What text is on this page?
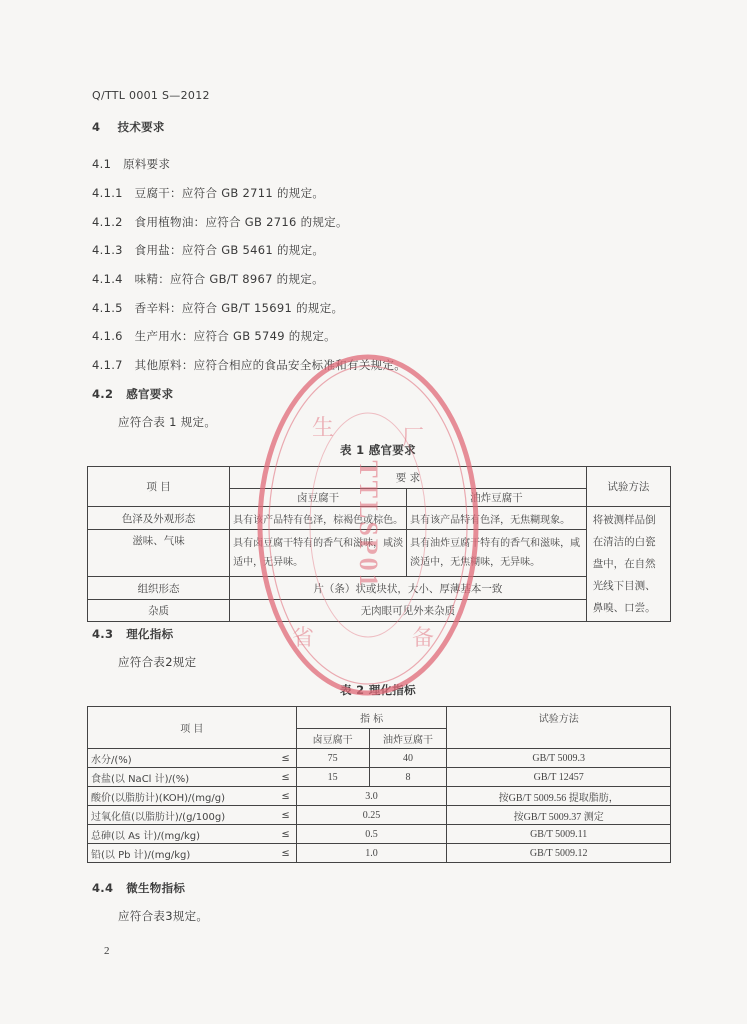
Q/TTL 0001 S—2012
4 技术要求
4.1 原料要求
4.1.1 豆腐干：应符合 GB 2711 的规定。
4.1.2 食用植物油：应符合 GB 2716 的规定。
4.1.3 食用盐：应符合 GB 5461 的规定。
4.1.4 味精：应符合 GB/T 8967 的规定。
4.1.5 香辛料：应符合 GB/T 15691 的规定。
4.1.6 生产用水：应符合 GB 5749 的规定。
4.1.7 其他原料：应符合相应的食品安全标准和有关规定。
4.2 感官要求
应符合表 1 规定。
表 1 感官要求
项 目	要 求		试验方法
	卤豆腐干	油炸豆腐干	
色泽及外观形态	具有该产品特有色泽，棕褐色或棕色。	具有该产品特有色泽，无焦糊现象。	将被测样品倒在清洁的白瓷盘中，在自然光线下目测、鼻嗅、口尝。
滋味、气味	具有卤豆腐干特有的香气和滋味，咸淡适中，无异味。	具有油炸豆腐干特有的香气和滋味，咸淡适中，无焦糊味，无异味。	
组织形态	片（条）状或块状，大小、厚薄基本一致		
杂质	无肉眼可见外来杂质		
4.3 理化指标
应符合表2规定
表 2 理化指标
项 目		指 标		试验方法
		卤豆腐干	油炸豆腐干	
水分/(%)	≤	75	40	GB/T 5009.3
食盐(以 NaCl 计)/(%)	≤	15	8	GB/T 12457
酸价(以脂肪计)(KOH)/(mg/g)	≤	3.0		按GB/T 5009.56 提取脂肪，
过氧化值(以脂肪计)/(g/100g)	≤	0.25		按GB/T 5009.37 测定
总砷(以 As 计)/(mg/kg)	≤	0.5		GB/T 5009.11
铅(以 Pb 计)/(mg/kg)	≤	1.0		GB/T 5009.12
4.4 微生物指标
应符合表3规定。
2
TTLSP01
生	厂
省	备
